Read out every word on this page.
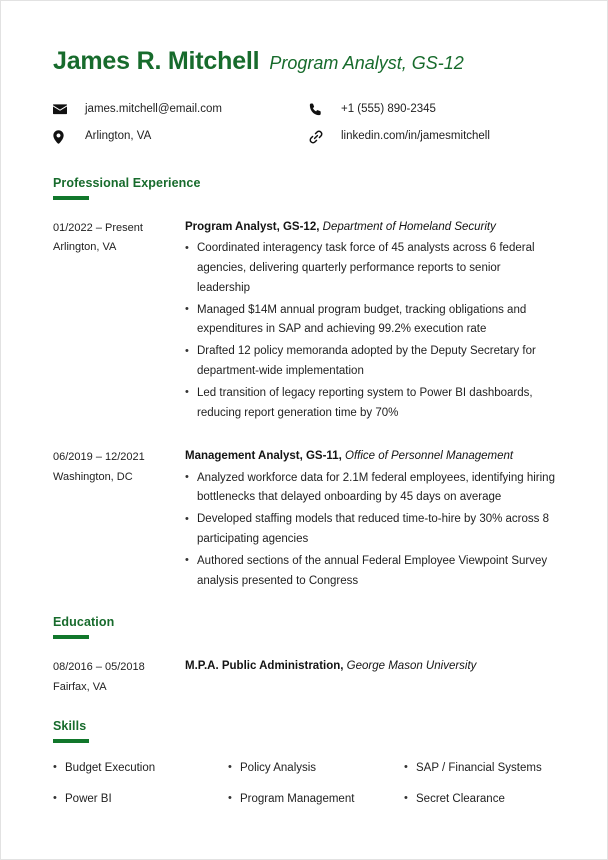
James R. Mitchell Program Analyst, GS-12
james.mitchell@email.com	+1 (555) 890-2345
Arlington, VA	linkedin.com/in/jamesmitchell
Professional Experience
01/2022 – Present
Arlington, VA
Program Analyst, GS-12, Department of Homeland Security
• Coordinated interagency task force of 45 analysts across 6 federal agencies, delivering quarterly performance reports to senior leadership
• Managed $14M annual program budget, tracking obligations and expenditures in SAP and achieving 99.2% execution rate
• Drafted 12 policy memoranda adopted by the Deputy Secretary for department-wide implementation
• Led transition of legacy reporting system to Power BI dashboards, reducing report generation time by 70%
06/2019 – 12/2021
Washington, DC
Management Analyst, GS-11, Office of Personnel Management
• Analyzed workforce data for 2.1M federal employees, identifying hiring bottlenecks that delayed onboarding by 45 days on average
• Developed staffing models that reduced time-to-hire by 30% across 8 participating agencies
• Authored sections of the annual Federal Employee Viewpoint Survey analysis presented to Congress
Education
08/2016 – 05/2018
Fairfax, VA
M.P.A. Public Administration, George Mason University
Skills
• Budget Execution	• Policy Analysis	• SAP / Financial Systems
• Power BI	• Program Management	• Secret Clearance
